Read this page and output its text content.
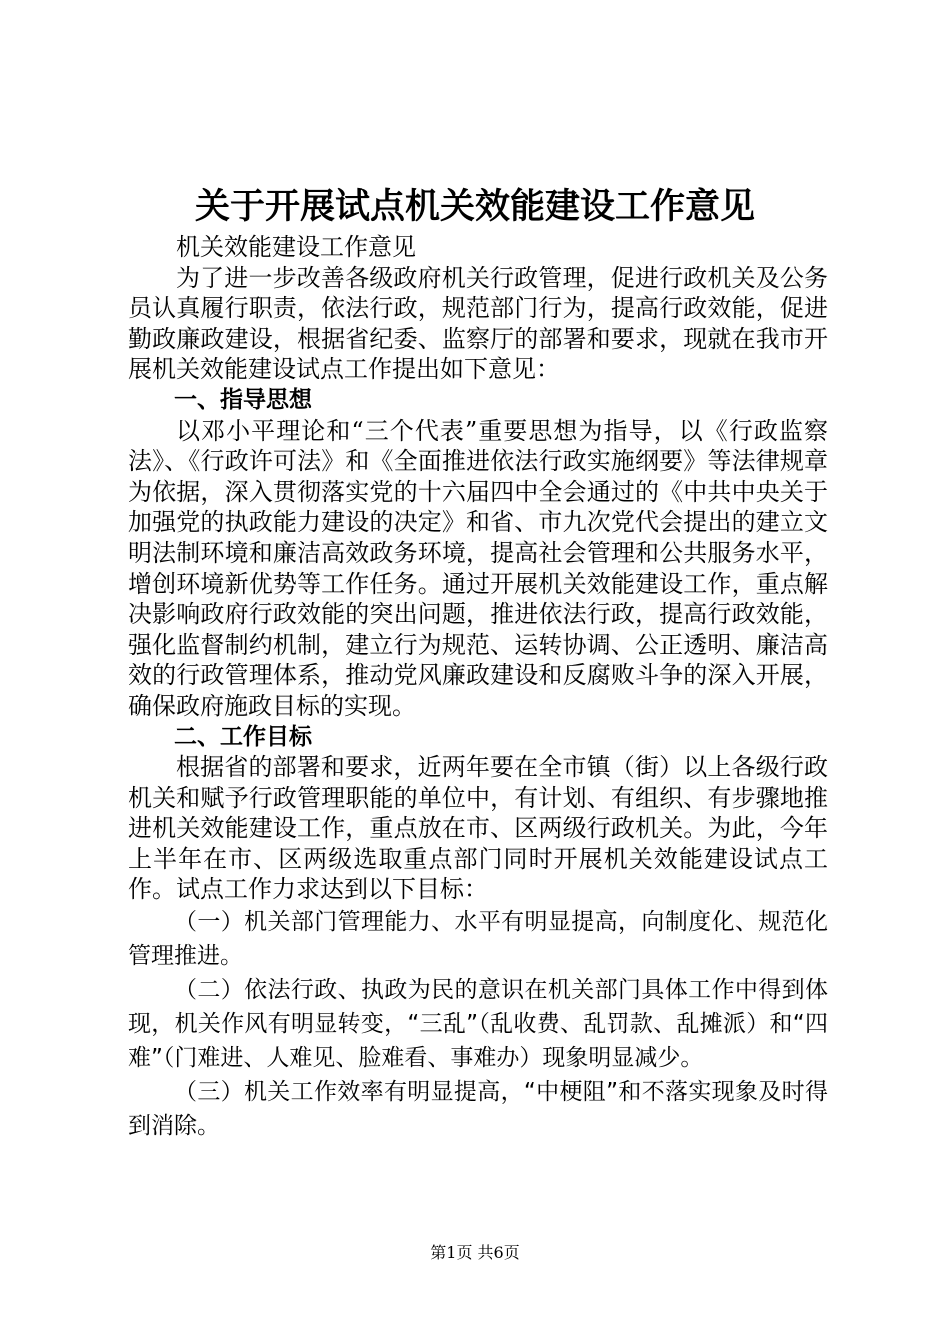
关于开展试点机关效能建设工作意见

机关效能建设工作意见

为了进一步改善各级政府机关行政管理，促进行政机关及公务员认真履行职责，依法行政，规范部门行为，提高行政效能，促进勤政廉政建设，根据省纪委、监察厅的部署和要求，现就在我市开展机关效能建设试点工作提出如下意见：

一、指导思想

以邓小平理论和“三个代表”重要思想为指导，以《行政监察法》、《行政许可法》和《全面推进依法行政实施纲要》等法律规章为依据，深入贯彻落实党的十六届四中全会通过的《中共中央关于加强党的执政能力建设的决定》和省、市九次党代会提出的建立文明法制环境和廉洁高效政务环境，提高社会管理和公共服务水平，增创环境新优势等工作任务。通过开展机关效能建设工作，重点解决影响政府行政效能的突出问题，推进依法行政，提高行政效能，强化监督制约机制，建立行为规范、运转协调、公正透明、廉洁高效的行政管理体系，推动党风廉政建设和反腐败斗争的深入开展，确保政府施政目标的实现。

二、工作目标

根据省的部署和要求，近两年要在全市镇（街）以上各级行政机关和赋予行政管理职能的单位中，有计划、有组织、有步骤地推进机关效能建设工作，重点放在市、区两级行政机关。为此，今年上半年在市、区两级选取重点部门同时开展机关效能建设试点工作。试点工作力求达到以下目标：

（一）机关部门管理能力、水平有明显提高，向制度化、规范化管理推进。

（二）依法行政、执政为民的意识在机关部门具体工作中得到体现，机关作风有明显转变，“三乱”（乱收费、乱罚款、乱摊派）和“四难”（门难进、人难见、脸难看、事难办）现象明显减少。

（三）机关工作效率有明显提高，“中梗阻”和不落实现象及时得到消除。

第1页 共6页
